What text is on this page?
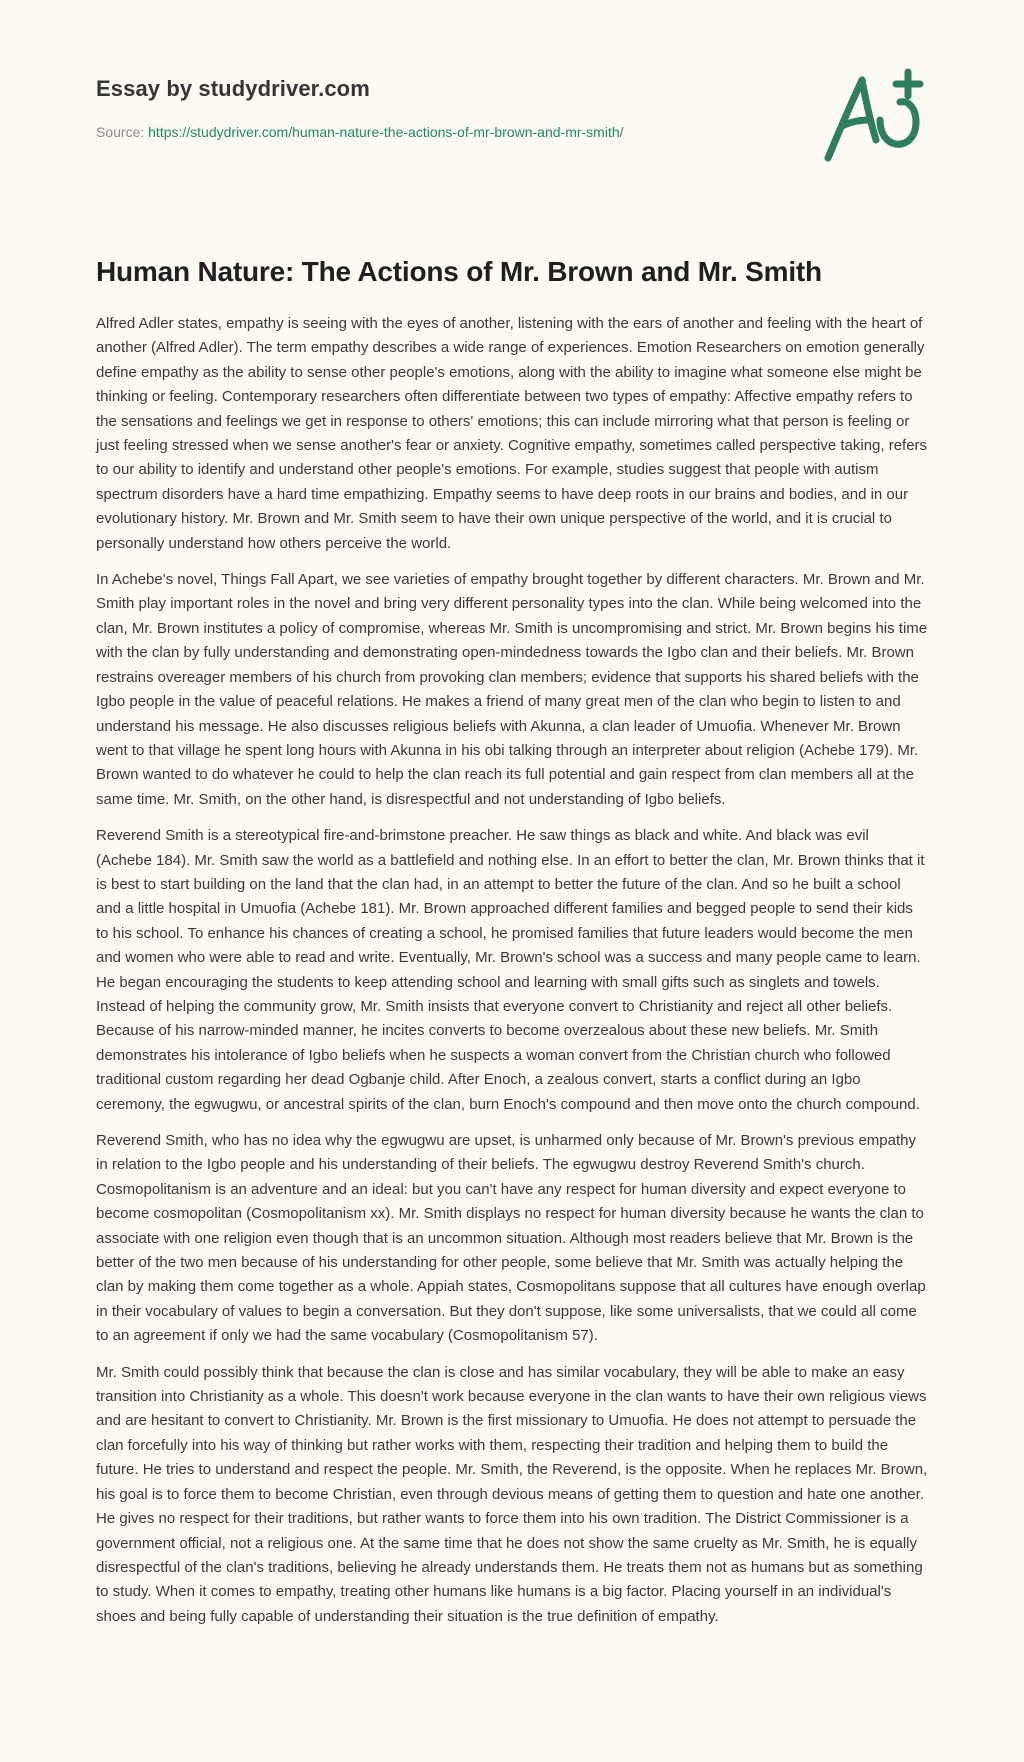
Essay by studydriver.com
Source: https://studydriver.com/human-nature-the-actions-of-mr-brown-and-mr-smith/
Human Nature: The Actions of Mr. Brown and Mr. Smith

Alfred Adler states, empathy is seeing with the eyes of another, listening with the ears of another and feeling with the heart of another (Alfred Adler). The term empathy describes a wide range of experiences. Emotion Researchers on emotion generally define empathy as the ability to sense other people's emotions, along with the ability to imagine what someone else might be thinking or feeling. Contemporary researchers often differentiate between two types of empathy: Affective empathy refers to the sensations and feelings we get in response to others' emotions; this can include mirroring what that person is feeling or just feeling stressed when we sense another's fear or anxiety. Cognitive empathy, sometimes called perspective taking, refers to our ability to identify and understand other people's emotions. For example, studies suggest that people with autism spectrum disorders have a hard time empathizing. Empathy seems to have deep roots in our brains and bodies, and in our evolutionary history. Mr. Brown and Mr. Smith seem to have their own unique perspective of the world, and it is crucial to personally understand how others perceive the world.

In Achebe's novel, Things Fall Apart, we see varieties of empathy brought together by different characters. Mr. Brown and Mr. Smith play important roles in the novel and bring very different personality types into the clan. While being welcomed into the clan, Mr. Brown institutes a policy of compromise, whereas Mr. Smith is uncompromising and strict. Mr. Brown begins his time with the clan by fully understanding and demonstrating open-mindedness towards the Igbo clan and their beliefs. Mr. Brown restrains overeager members of his church from provoking clan members; evidence that supports his shared beliefs with the Igbo people in the value of peaceful relations. He makes a friend of many great men of the clan who begin to listen to and understand his message. He also discusses religious beliefs with Akunna, a clan leader of Umuofia. Whenever Mr. Brown went to that village he spent long hours with Akunna in his obi talking through an interpreter about religion (Achebe 179). Mr. Brown wanted to do whatever he could to help the clan reach its full potential and gain respect from clan members all at the same time. Mr. Smith, on the other hand, is disrespectful and not understanding of Igbo beliefs.

Reverend Smith is a stereotypical fire-and-brimstone preacher. He saw things as black and white. And black was evil (Achebe 184). Mr. Smith saw the world as a battlefield and nothing else. In an effort to better the clan, Mr. Brown thinks that it is best to start building on the land that the clan had, in an attempt to better the future of the clan. And so he built a school and a little hospital in Umuofia (Achebe 181). Mr. Brown approached different families and begged people to send their kids to his school. To enhance his chances of creating a school, he promised families that future leaders would become the men and women who were able to read and write. Eventually, Mr. Brown's school was a success and many people came to learn. He began encouraging the students to keep attending school and learning with small gifts such as singlets and towels. Instead of helping the community grow, Mr. Smith insists that everyone convert to Christianity and reject all other beliefs. Because of his narrow-minded manner, he incites converts to become overzealous about these new beliefs. Mr. Smith demonstrates his intolerance of Igbo beliefs when he suspects a woman convert from the Christian church who followed traditional custom regarding her dead Ogbanje child. After Enoch, a zealous convert, starts a conflict during an Igbo ceremony, the egwugwu, or ancestral spirits of the clan, burn Enoch's compound and then move onto the church compound.

Reverend Smith, who has no idea why the egwugwu are upset, is unharmed only because of Mr. Brown's previous empathy in relation to the Igbo people and his understanding of their beliefs. The egwugwu destroy Reverend Smith's church. Cosmopolitanism is an adventure and an ideal: but you can't have any respect for human diversity and expect everyone to become cosmopolitan (Cosmopolitanism xx). Mr. Smith displays no respect for human diversity because he wants the clan to associate with one religion even though that is an uncommon situation. Although most readers believe that Mr. Brown is the better of the two men because of his understanding for other people, some believe that Mr. Smith was actually helping the clan by making them come together as a whole. Appiah states, Cosmopolitans suppose that all cultures have enough overlap in their vocabulary of values to begin a conversation. But they don't suppose, like some universalists, that we could all come to an agreement if only we had the same vocabulary (Cosmopolitanism 57).

Mr. Smith could possibly think that because the clan is close and has similar vocabulary, they will be able to make an easy transition into Christianity as a whole. This doesn't work because everyone in the clan wants to have their own religious views and are hesitant to convert to Christianity. Mr. Brown is the first missionary to Umuofia. He does not attempt to persuade the clan forcefully into his way of thinking but rather works with them, respecting their tradition and helping them to build the future. He tries to understand and respect the people. Mr. Smith, the Reverend, is the opposite. When he replaces Mr. Brown, his goal is to force them to become Christian, even through devious means of getting them to question and hate one another. He gives no respect for their traditions, but rather wants to force them into his own tradition. The District Commissioner is a government official, not a religious one. At the same time that he does not show the same cruelty as Mr. Smith, he is equally disrespectful of the clan's traditions, believing he already understands them. He treats them not as humans but as something to study. When it comes to empathy, treating other humans like humans is a big factor. Placing yourself in an individual's shoes and being fully capable of understanding their situation is the true definition of empathy.
